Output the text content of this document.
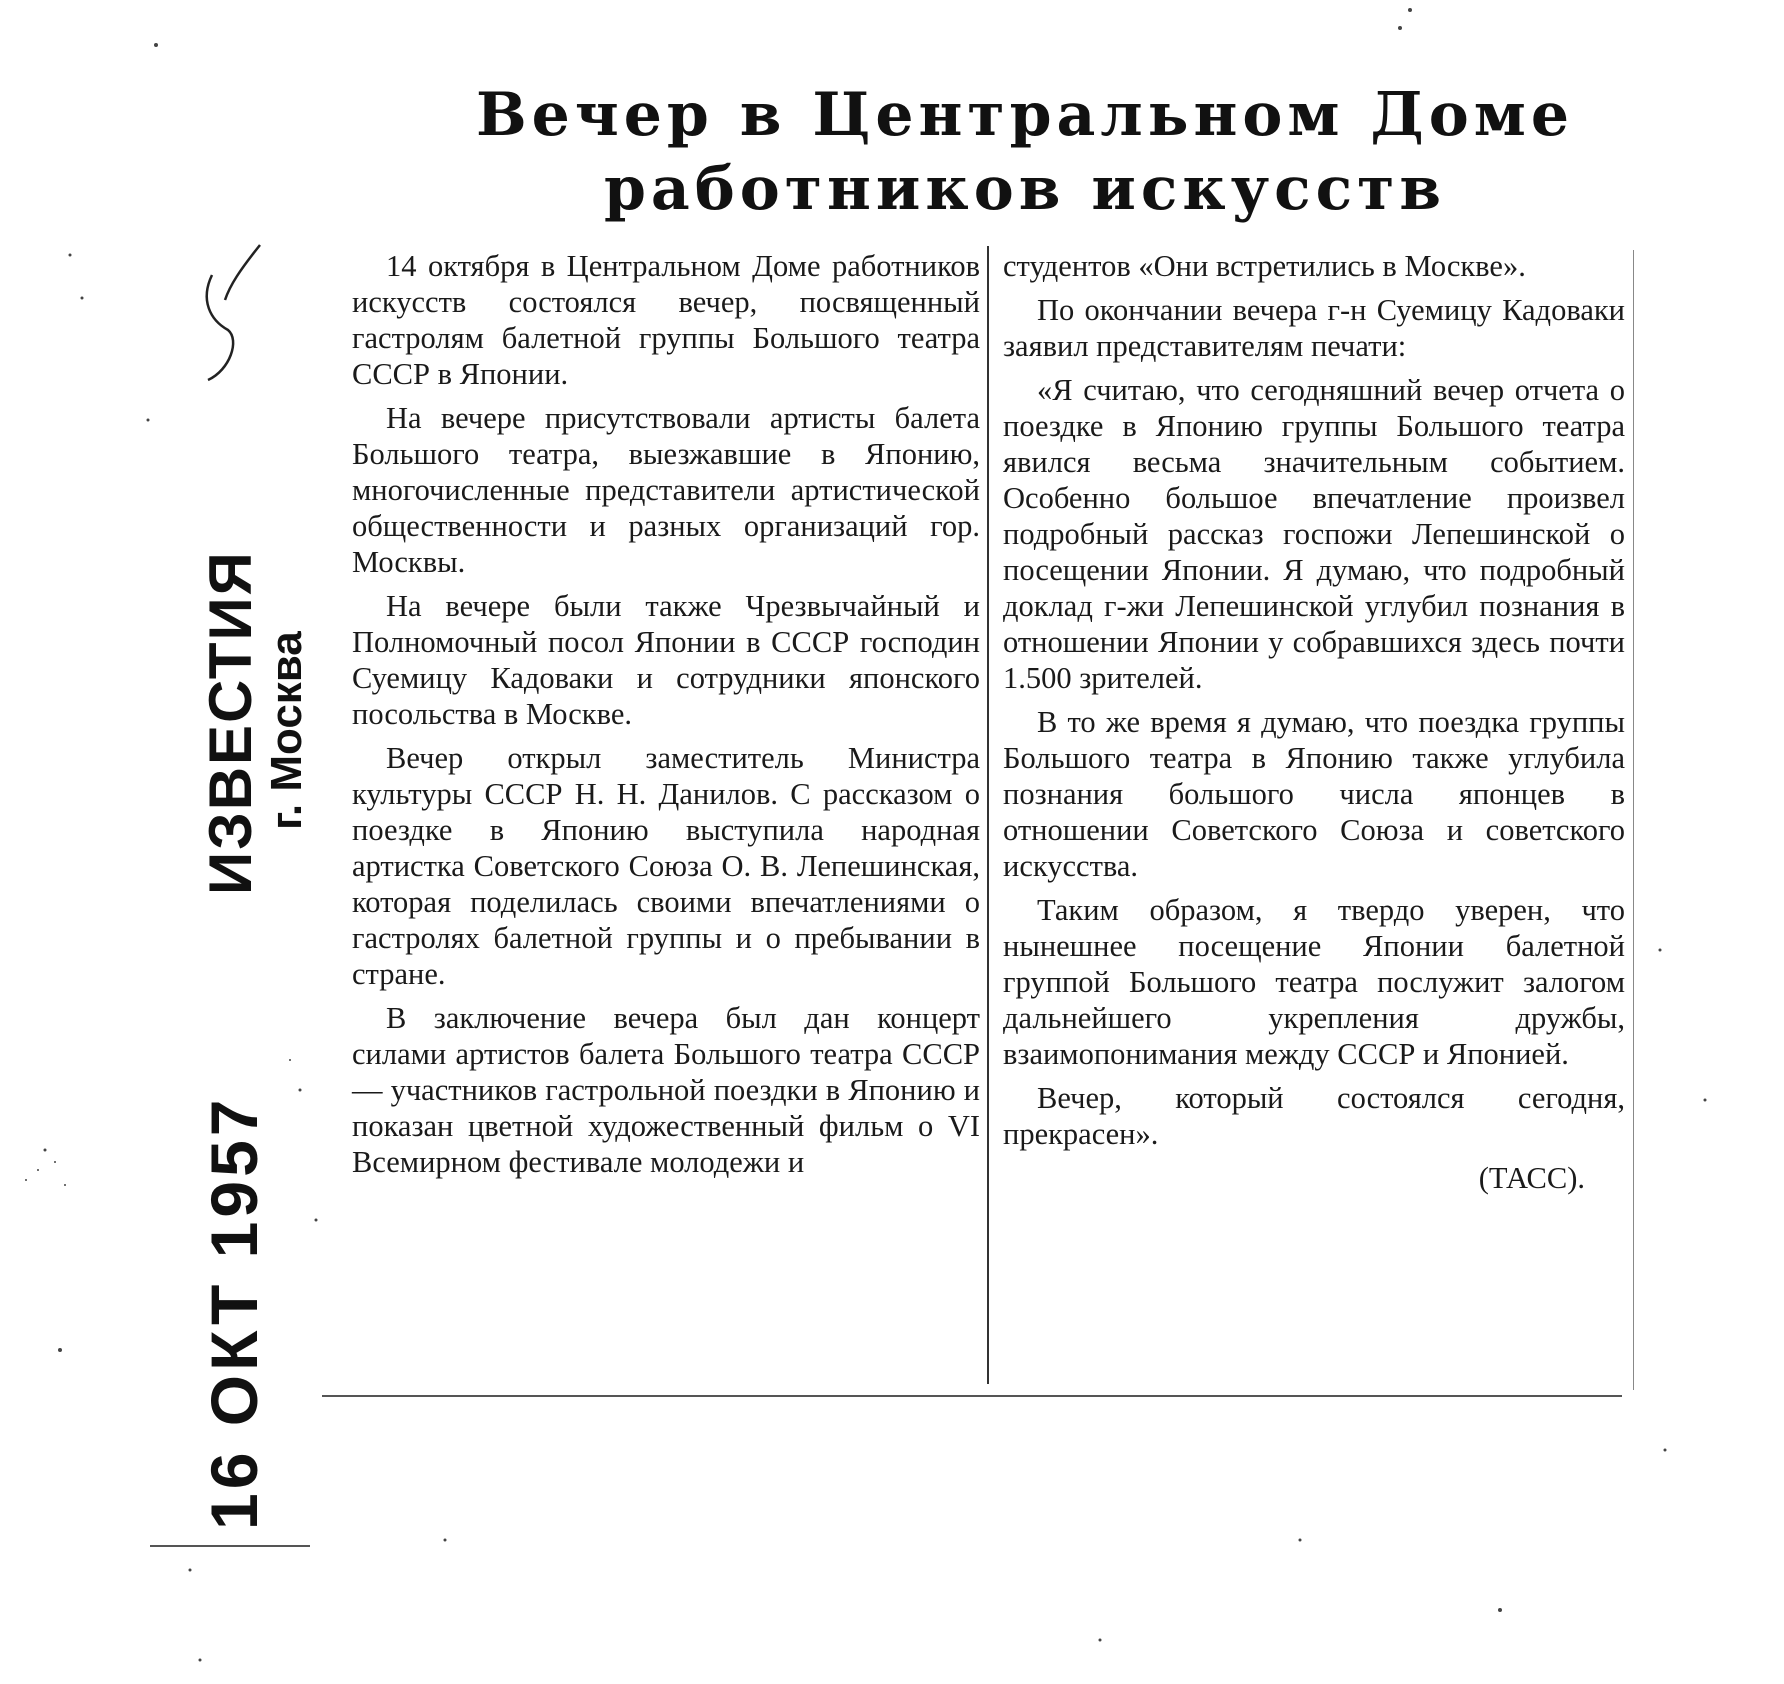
Вечер в Центральном Доме
работников искусств

14 октября в Центральном Доме работников искусств состоялся вечер, посвященный гастролям балетной группы Большого театра СССР в Японии.

На вечере присутствовали артисты балета Большого театра, выезжавшие в Японию, многочисленные представители артистической общественности и разных организаций гор. Москвы.

На вечере были также Чрезвычайный и Полномочный посол Японии в СССР господин Суемицу Кадоваки и сотрудники японского посольства в Москве.

Вечер открыл заместитель Министра культуры СССР Н. Н. Данилов. С рассказом о поездке в Японию выступила народная артистка Советского Союза О. В. Лепешинская, которая поделилась своими впечатлениями о гастролях балетной группы и о пребывании в стране.

В заключение вечера был дан концерт силами артистов балета Большого театра СССР — участников гастрольной поездки в Японию и показан цветной художественный фильм о VI Всемирном фестивале молодежи и

студентов «Они встретились в Москве».

По окончании вечера г-н Суемицу Кадоваки заявил представителям печати:

«Я считаю, что сегодняшний вечер отчета о поездке в Японию группы Большого театра явился весьма значительным событием. Особенно большое впечатление произвел подробный рассказ госпожи Лепешинской о посещении Японии. Я думаю, что подробный доклад г-жи Лепешинской углубил познания в отношении Японии у собравшихся здесь почти 1.500 зрителей.

В то же время я думаю, что поездка группы Большого театра в Японию также углубила познания большого числа японцев в отношении Советского Союза и советского искусства.

Таким образом, я твердо уверен, что нынешнее посещение Японии балетной группой Большого театра послужит залогом дальнейшего укрепления дружбы, взаимопонимания между СССР и Японией.

Вечер, который состоялся сегодня, прекрасен».

(ТАСС).
ИЗВЕСТИЯ
г. Москва
16 ОКТ 1957
